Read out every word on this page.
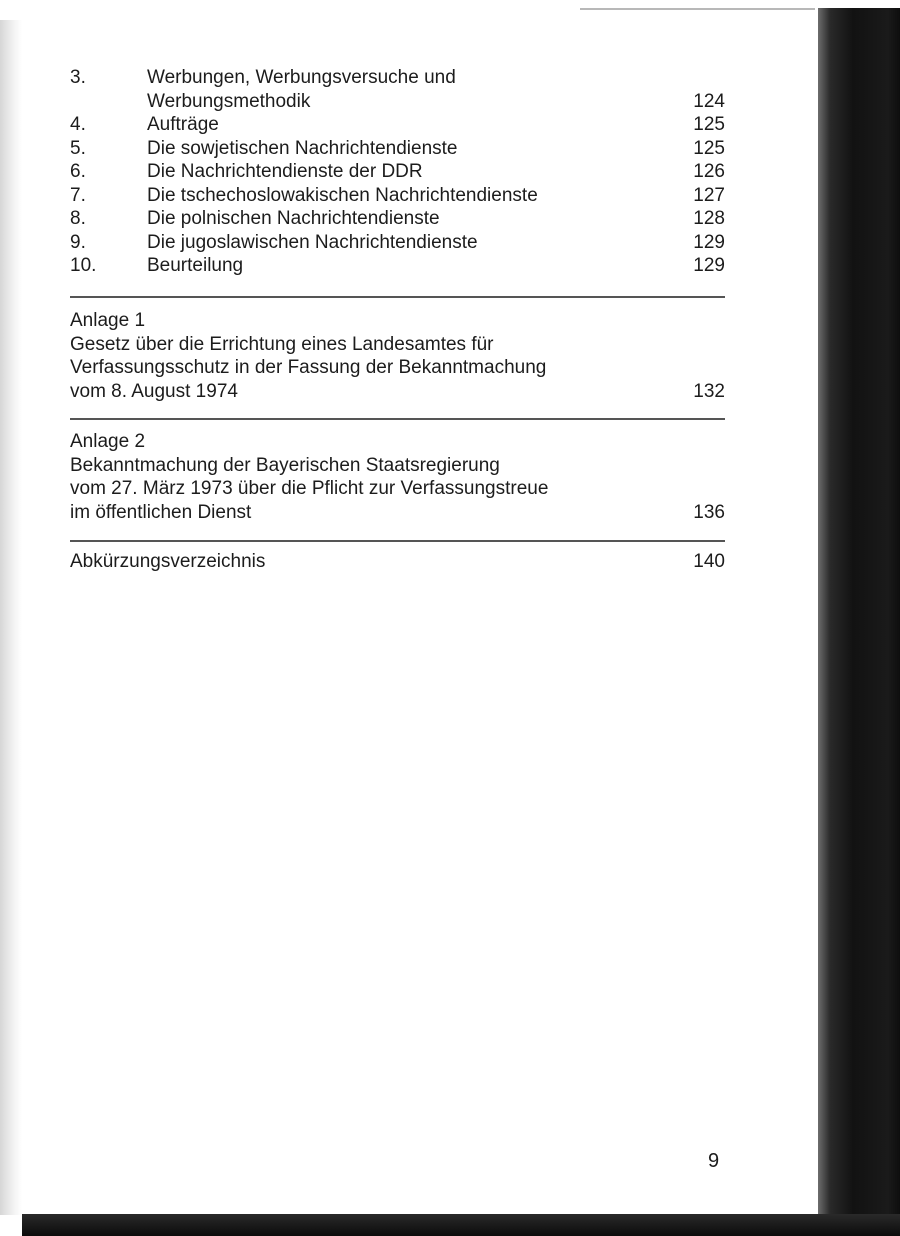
3.	Werbungen, Werbungsversuche und
Werbungsmethodik	124
4.	Aufträge	125
5.	Die sowjetischen Nachrichtendienste	125
6.	Die Nachrichtendienste der DDR	126
7.	Die tschechoslowakischen Nachrichtendienste	127
8.	Die polnischen Nachrichtendienste	128
9.	Die jugoslawischen Nachrichtendienste	129
10.	Beurteilung	129
Anlage 1
Gesetz über die Errichtung eines Landesamtes für
Verfassungsschutz in der Fassung der Bekanntmachung
vom 8. August 1974	132
Anlage 2
Bekanntmachung der Bayerischen Staatsregierung
vom 27. März 1973 über die Pflicht zur Verfassungstreue
im öffentlichen Dienst	136
Abkürzungsverzeichnis	140
9
